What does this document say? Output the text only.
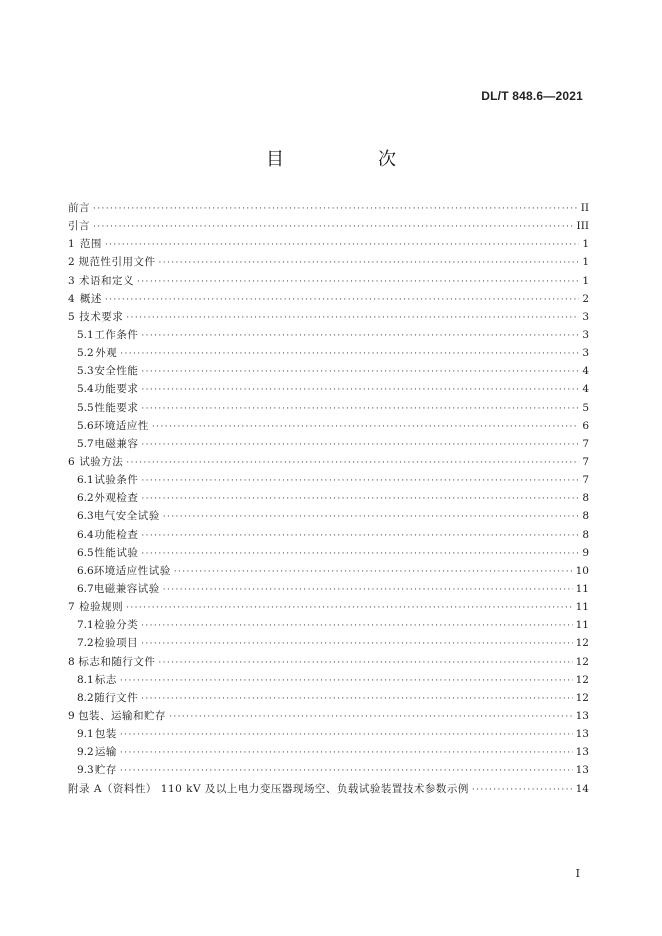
DL/T 848.6—2021
目　次
前言 ·····	II
引言 ·····	III
1 范围 ·····	1
2 规范性引用文件 ·····	1
3 术语和定义 ·····	1
4 概述 ·····	2
5 技术要求 ·····	3
5.1 工作条件 ·····	3
5.2 外观 ·····	3
5.3 安全性能 ·····	4
5.4 功能要求 ·····	4
5.5 性能要求 ·····	5
5.6 环境适应性 ·····	6
5.7 电磁兼容 ·····	7
6 试验方法 ·····	7
6.1 试验条件 ·····	7
6.2 外观检查 ·····	8
6.3 电气安全试验 ·····	8
6.4 功能检查 ·····	8
6.5 性能试验 ·····	9
6.6 环境适应性试验 ·····	10
6.7 电磁兼容试验 ·····	11
7 检验规则 ·····	11
7.1 检验分类 ·····	11
7.2 检验项目 ·····	12
8 标志和随行文件 ·····	12
8.1 标志 ·····	12
8.2 随行文件 ·····	12
9 包装、运输和贮存 ·····	13
9.1 包装 ·····	13
9.2 运输 ·····	13
9.3 贮存 ·····	13
附录 A（资料性） 110 kV 及以上电力变压器现场空、负载试验装置技术参数示例 ·····	14
I
